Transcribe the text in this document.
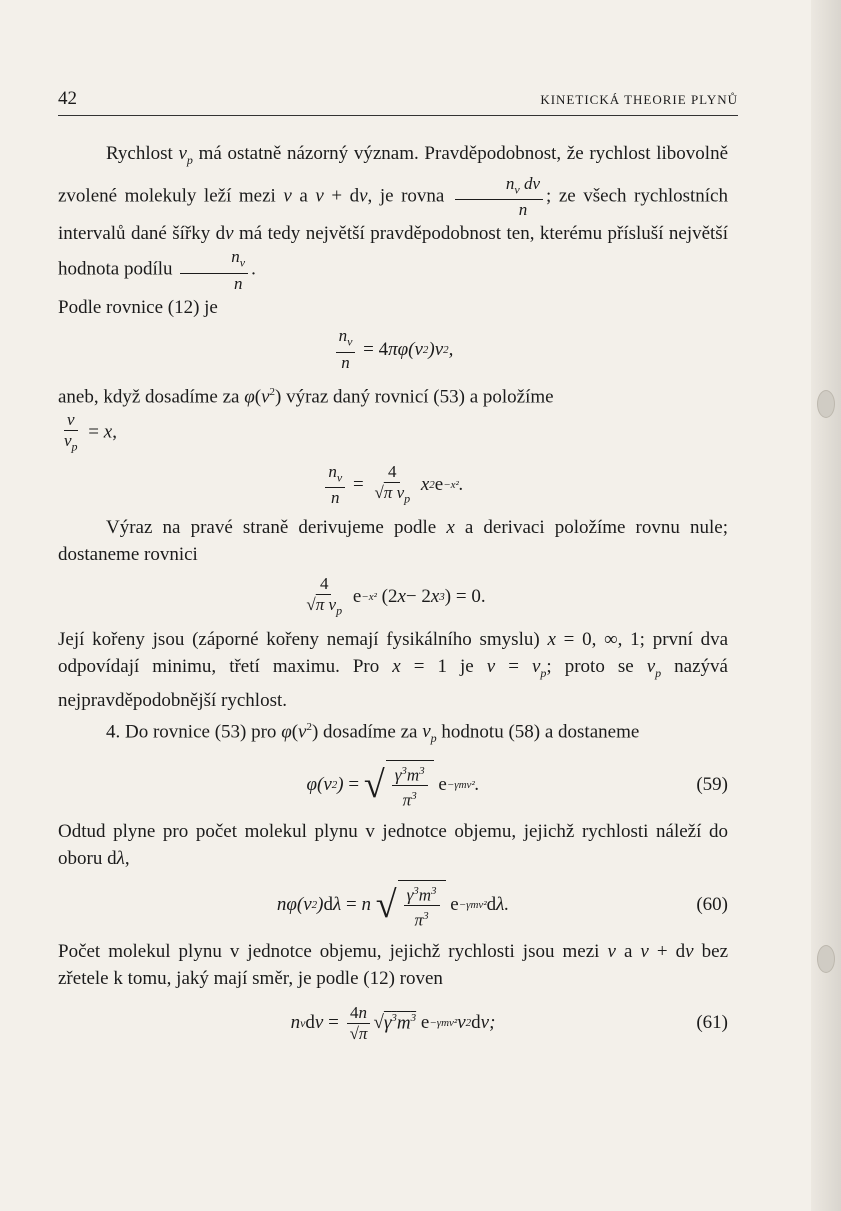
42	KINETICKÁ THEORIE PLYNŮ

Rychlost $v_p$ má ostatně názorný význam. Pravděpodobnost, že rychlost libovolně zvolené molekuly leží mezi v a v + dv, je rovna $\frac{n_v dv}{n}$ ; ze všech rychlostních intervalů dané šířky dv má tedy největší pravděpodobnost ten, kterému přísluší největší hodnota podílu $\frac{n_v}{n}$ .

Podle rovnice (12) je

$\frac{n_v}{n} = 4$ πφ(v 2 )v 2 ,

aneb, když dosadíme za $\varphi(v^2)$ výraz daný rovnicí (53) a položíme

$\frac{v}{v_p} = x$,

$\frac{n_v}{n} = \frac{4}{√\pi v_p}$ x 2 e −x² .

Výraz na pravé straně derivujeme podle x a derivaci položíme rovnu nule; dostaneme rovnici

$\frac{4}{√\pi v_p}$
e −x²
(2 x − 2 x 3 ) = 0.

Její kořeny jsou (záporné kořeny nemají fysikálního smyslu) x = 0, ∞, 1; první dva odpovídají minimu, třetí maximu. Pro x = 1 je $v = v_p$; proto se $v_p$ nazývá nejpravděpodobnější rychlost.

4. Do rovnice (53) pro $\varphi(v^2)$ dosadíme za $v_p$ hodnotu (58) a dostaneme

φ(v 2 ) = √ $\frac{\gamma^3m^3}{\pi^3}$
e −γmv² .	(59)

Odtud plyne pro počet molekul plynu v jednotce objemu, jejichž rychlosti náleží do oboru dλ,

nφ(v 2 ) d λ = n √ $\frac{\gamma^3m^3}{\pi^3}$
e −γmv² d λ.	(60)

Počet molekul plynu v jednotce objemu, jejichž rychlosti jsou mezi v a v + dv bez zřetele k tomu, jaký mají směr, je podle (12) roven

n v d $v = \frac{4n}{√\pi}$ √ $\gamma^3m^3$
e −γmv² v 2 d v;	(61)
